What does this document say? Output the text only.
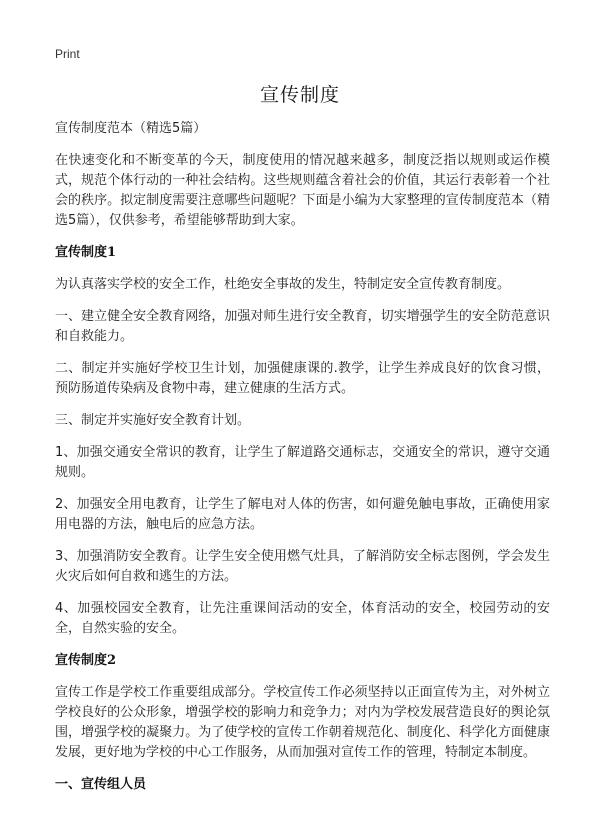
Print
宣传制度
宣传制度范本（精选5篇）

在快速变化和不断变革的今天，制度使用的情况越来越多，制度泛指以规则或运作模式，规范个体行动的一种社会结构。这些规则蕴含着社会的价值，其运行表彰着一个社会的秩序。拟定制度需要注意哪些问题呢？下面是小编为大家整理的宣传制度范本（精选5篇），仅供参考，希望能够帮助到大家。

宣传制度1

为认真落实学校的安全工作，杜绝安全事故的发生，特制定安全宣传教育制度。

一、建立健全安全教育网络，加强对师生进行安全教育，切实增强学生的安全防范意识和自救能力。

二、制定并实施好学校卫生计划，加强健康课的.教学，让学生养成良好的饮食习惯，预防肠道传染病及食物中毒，建立健康的生活方式。

三、制定并实施好安全教育计划。

1、加强交通安全常识的教育，让学生了解道路交通标志，交通安全的常识，遵守交通规则。

2、加强安全用电教育，让学生了解电对人体的伤害，如何避免触电事故，正确使用家用电器的方法，触电后的应急方法。

3、加强消防安全教育。让学生安全使用燃气灶具，了解消防安全标志图例，学会发生火灾后如何自救和逃生的方法。

4、加强校园安全教育，让先注重课间活动的安全，体育活动的安全，校园劳动的安全，自然实验的安全。

宣传制度2

宣传工作是学校工作重要组成部分。学校宣传工作必须坚持以正面宣传为主，对外树立学校良好的公众形象，增强学校的影响力和竞争力；对内为学校发展营造良好的舆论氛围，增强学校的凝聚力。为了使学校的宣传工作朝着规范化、制度化、科学化方面健康发展，更好地为学校的中心工作服务，从而加强对宣传工作的管理，特制定本制度。

一、宣传组人员
